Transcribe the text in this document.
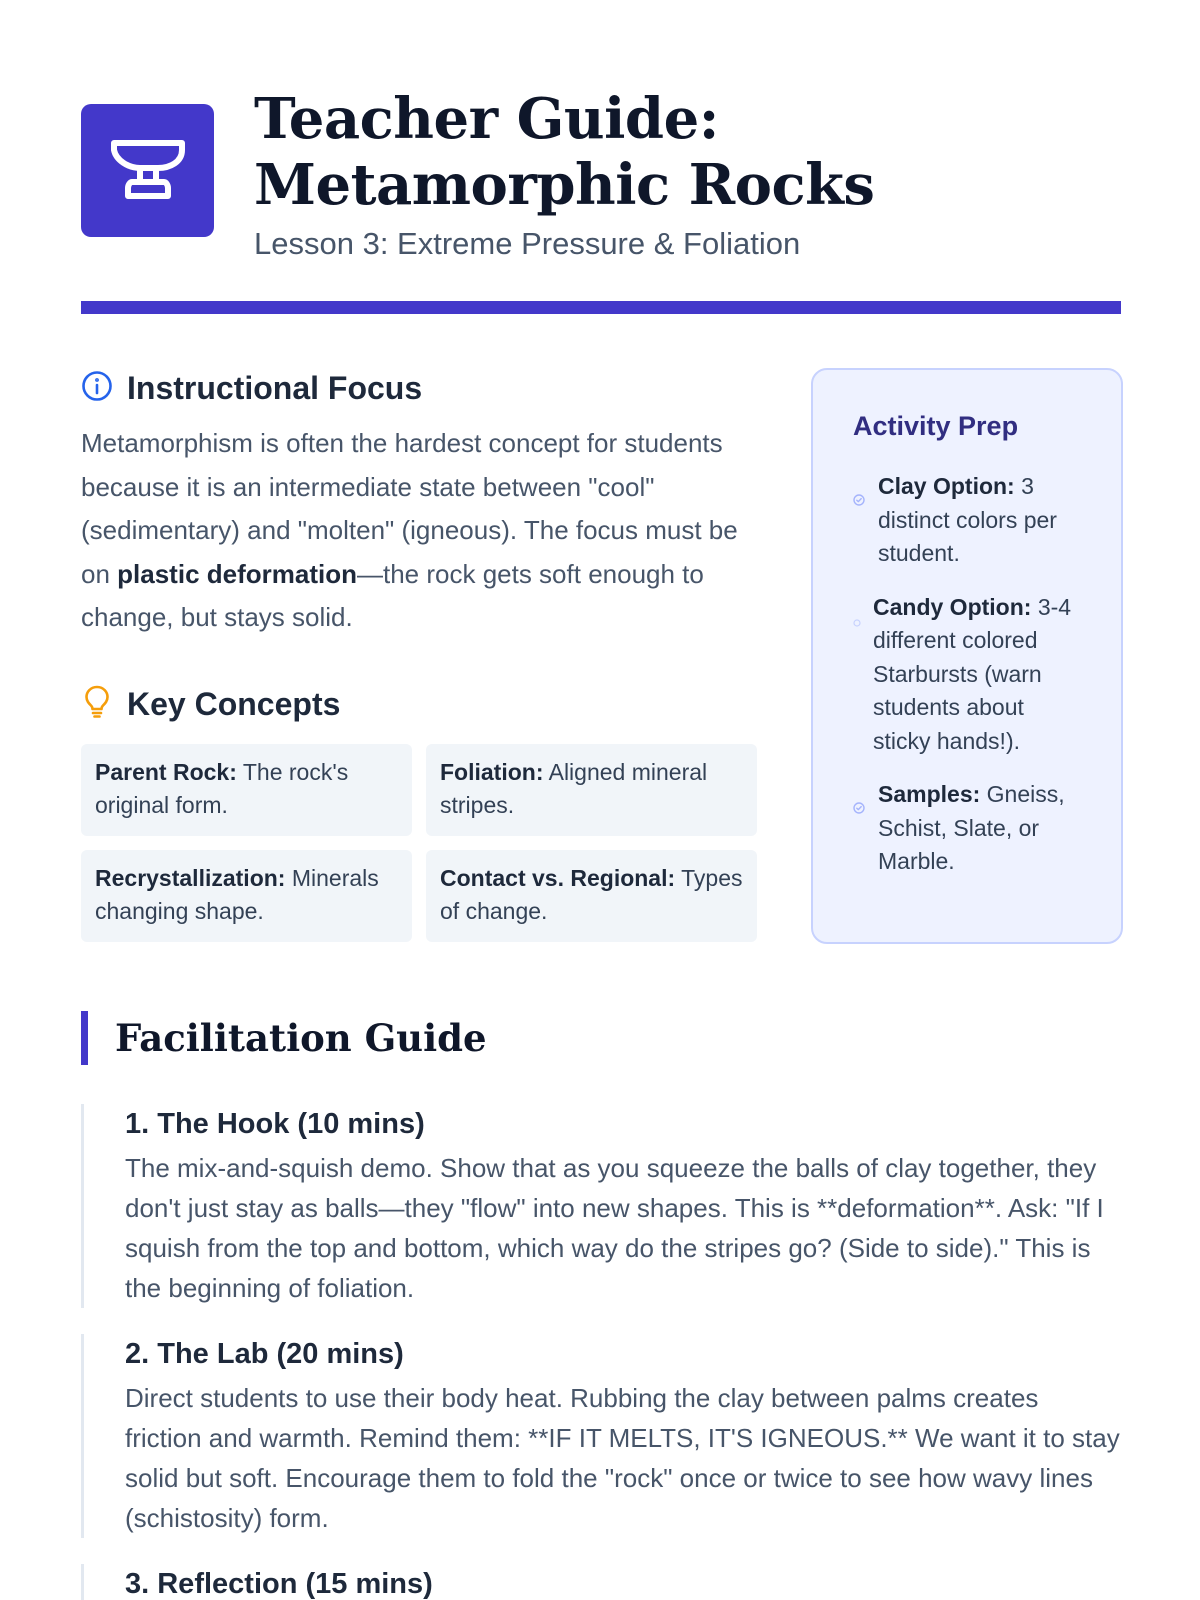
Teacher Guide: Metamorphic Rocks

Lesson 3: Extreme Pressure & Foliation

Instructional Focus

Metamorphism is often the hardest concept for students because it is an intermediate state between "cool" (sedimentary) and "molten" (igneous). The focus must be on plastic deformation—the rock gets soft enough to change, but stays solid.

Key Concepts
Parent Rock: The rock's original form.
Foliation: Aligned mineral stripes.
Recrystallization: Minerals changing shape.
Contact vs. Regional: Types of change.
Activity Prep
Clay Option: 3 distinct colors per student.
Candy Option: 3-4 different colored Starbursts (warn students about sticky hands!).
Samples: Gneiss, Schist, Slate, or Marble.
Facilitation Guide
1. The Hook (10 mins)

The mix-and-squish demo. Show that as you squeeze the balls of clay together, they don't just stay as balls—they "flow" into new shapes. This is **deformation**. Ask: "If I squish from the top and bottom, which way do the stripes go? (Side to side)." This is the beginning of foliation.

2. The Lab (20 mins)

Direct students to use their body heat. Rubbing the clay between palms creates friction and warmth. Remind them: **IF IT MELTS, IT'S IGNEOUS.** We want it to stay solid but soft. Encourage them to fold the "rock" once or twice to see how wavy lines (schistosity) form.

3. Reflection (15 mins)
